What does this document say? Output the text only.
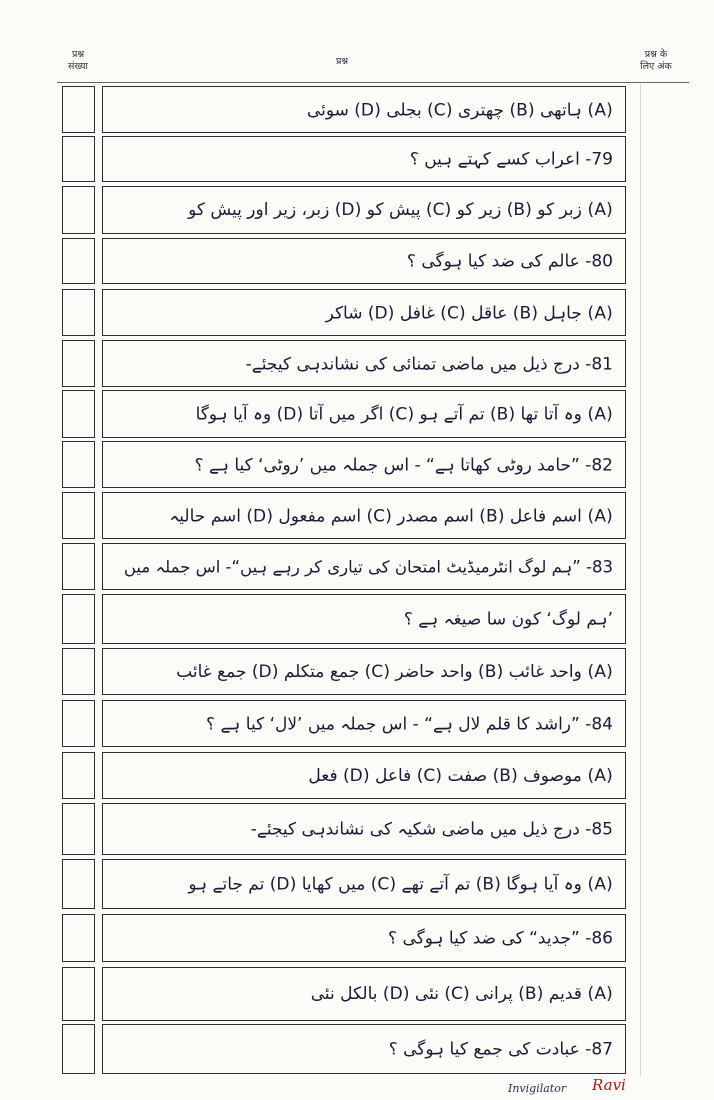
प्रश्न
संख्या	प्रश्न
प्रश्न के
लिए अंक
(A) ہاتھی (B) چھتری (C) بجلی (D) سوئی
79- اعراب کسے کہتے ہیں ؟
(A) زبر کو (B) زیر کو (C) پیش کو (D) زبر، زیر اور پیش کو
80- عالم کی ضد کیا ہوگی ؟
(A) جاہل (B) عاقل (C) غافل (D) شاکر
81- درج ذیل میں ماضی تمنائی کی نشاندہی کیجئے-
(A) وہ آتا تھا (B) تم آتے ہو (C) اگر میں آتا (D) وہ آیا ہوگا
82- ”حامد روٹی کھاتا ہے“ - اس جملہ میں ’روٹی‘ کیا ہے ؟
(A) اسم فاعل (B) اسم مصدر (C) اسم مفعول (D) اسم حالیہ
83- ”ہم لوگ انٹرمیڈیٹ امتحان کی تیاری کر رہے ہیں“- اس جملہ میں
’ہم لوگ‘ کون سا صیغہ ہے ؟
(A) واحد غائب (B) واحد حاضر (C) جمع متکلم (D) جمع غائب
84- ”راشد کا قلم لال ہے“ - اس جملہ میں ’لال‘ کیا ہے ؟
(A) موصوف (B) صفت (C) فاعل (D) فعل
85- درج ذیل میں ماضی شکیہ کی نشاندہی کیجئے-
(A) وہ آیا ہوگا (B) تم آتے تھے (C) میں کھایا (D) تم جاتے ہو
86- ”جدید“ کی ضد کیا ہوگی ؟
(A) قدیم (B) پرانی (C) نئی (D) بالکل نئی
87- عبادت کی جمع کیا ہوگی ؟
Invigilator Ravi
